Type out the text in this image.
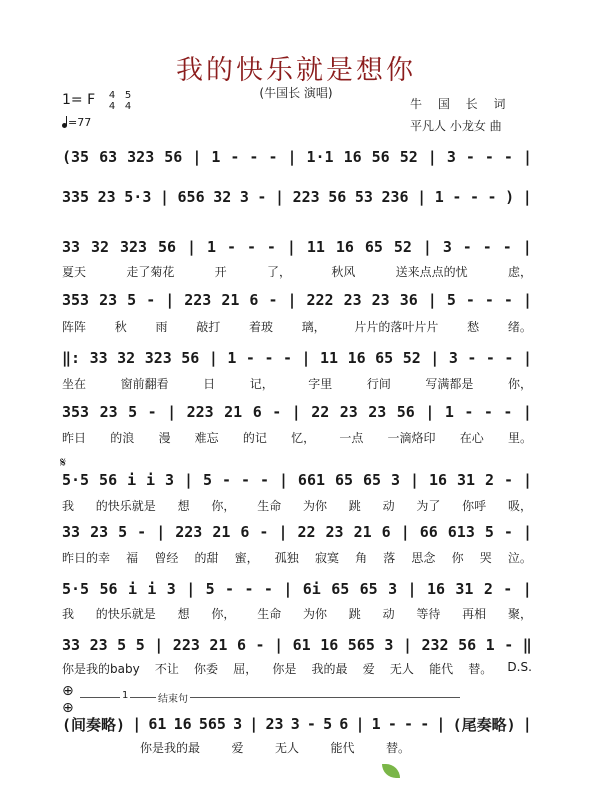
我的快乐就是想你
(牛国长 演唱)
1= F 4
4
5
4
=77
牛 国 长 词
平凡人 小龙女 曲
(35 63 323 56 | 1 - - - | 1·1 16 56 52 | 3 - - - |
335 23 5·3 | 656 32 3 - | 223 56 53 236 | 1 - - - ) |
33 32 323 56 | 1 - - - | 11 16 65 52 | 3 - - - |
夏天	走了菊花	开	了，	秋风	送来点点的忧	虑，
353 23 5 - | 223 21 6 - | 222 23 23 36 | 5 - - - |
阵阵 秋 雨 敲打 着玻 璃， 片片的落叶片片 愁 绪。
‖: 33 32 323 56 | 1 - - - | 11 16 65 52 | 3 - - - |
坐在	窗前翻看	日	记，	字里	行间	写满都是	你，
353 23 5 - | 223 21 6 - | 22 23 23 56 | 1 - - - |
昨日 的浪 漫 难忘 的记 忆， 一点 一滴烙印 在心 里。
5·5 56 i i 3 | 5 - - - | 661 65 65 3 | 16 31 2 - |
我 的快乐就是 想 你， 生命 为你 跳 动 为了 你呼 吸，
33 23 5 - | 223 21 6 - | 22 23 21 6 | 66 613 5 - |
昨日的幸 福 曾经 的甜 蜜， 孤独 寂寞 角 落 思念 你 哭 泣。
5·5 56 i i 3 | 5 - - - | 6i 65 65 3 | 16 31 2 - |
我 的快乐就是 想 你， 生命 为你 跳 动 等待 再相 聚，
33 23 5 5 | 223 21 6 - | 61 16 565 3 | 232 56 1 - ‖
你是我的baby 不让 你委 屈， 你是 我的最 爱 无人 能代 替。 D.S.
(间奏略) | 61 16 565 3 | 23 3 - 5 6 | 1 - - - | (尾奏略) |
你是我的最	爱	无人	能代	替。
𝄋
⊕
⊕
1	结束句
